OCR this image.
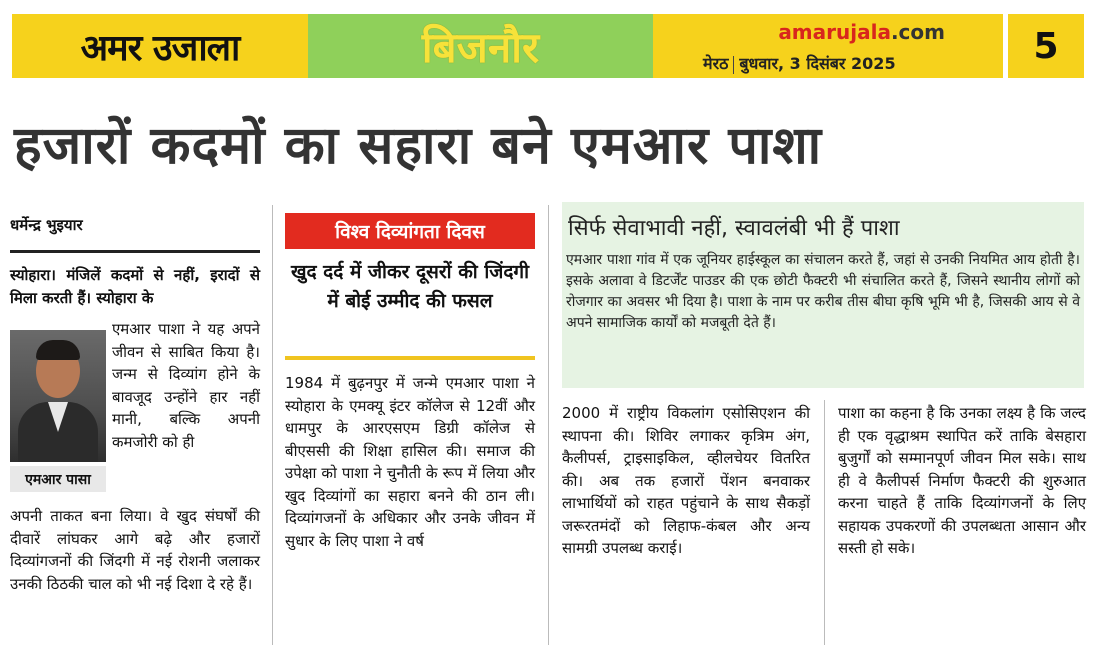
अमर उजाला	बिजनौर	amarujala.com
मेरठ बुधवार, 3 दिसंबर 2025	5
हजारों कदमों का सहारा बने एमआर पाशा
धर्मेन्द्र भुइयार
स्योहारा। मंजिलें कदमों से नहीं, इरादों से मिला करती हैं। स्योहारा के
एमआर पाशा ने यह अपने जीवन से साबित किया है। जन्म से दिव्यांग होने के बावजूद उन्होंने हार नहीं मानी, बल्कि अपनी कमजोरी को ही
एमआर पासा
अपनी ताकत बना लिया। वे खुद संघर्षों की दीवारें लांघकर आगे बढ़े और हजारों दिव्यांगजनों की जिंदगी में नई रोशनी जलाकर उनकी ठिठकी चाल को भी नई दिशा दे रहे हैं।
विश्व दिव्यांगता दिवस
खुद दर्द में जीकर दूसरों की जिंदगी में बोई उम्मीद की फसल
1984 में बुढ़नपुर में जन्मे एमआर पाशा ने स्योहारा के एमक्यू इंटर कॉलेज से 12वीं और धामपुर के आरएसएम डिग्री कॉलेज से बीएससी की शिक्षा हासिल की। समाज की उपेक्षा को पाशा ने चुनौती के रूप में लिया और खुद दिव्यांगों का सहारा बनने की ठान ली। दिव्यांगजनों के अधिकार और उनके जीवन में सुधार के लिए पाशा ने वर्ष
सिर्फ सेवाभावी नहीं, स्वावलंबी भी हैं पाशा
एमआर पाशा गांव में एक जूनियर हाईस्कूल का संचालन करते हैं, जहां से उनकी नियमित आय होती है। इसके अलावा वे डिटर्जेंट पाउडर की एक छोटी फैक्टरी भी संचालित करते हैं, जिसने स्थानीय लोगों को रोजगार का अवसर भी दिया है। पाशा के नाम पर करीब तीस बीघा कृषि भूमि भी है, जिसकी आय से वे अपने सामाजिक कार्यों को मजबूती देते हैं।
2000 में राष्ट्रीय विकलांग एसोसिएशन की स्थापना की। शिविर लगाकर कृत्रिम अंग, कैलीपर्स, ट्राइसाइकिल, व्हीलचेयर वितरित की। अब तक हजारों पेंशन बनवाकर लाभार्थियों को राहत पहुंचाने के साथ सैकड़ों जरूरतमंदों को लिहाफ-कंबल और अन्य सामग्री उपलब्ध कराई।
पाशा का कहना है कि उनका लक्ष्य है कि जल्द ही एक वृद्धाश्रम स्थापित करें ताकि बेसहारा बुजुर्गों को सम्मानपूर्ण जीवन मिल सके। साथ ही वे कैलीपर्स निर्माण फैक्टरी की शुरुआत करना चाहते हैं ताकि दिव्यांगजनों के लिए सहायक उपकरणों की उपलब्धता आसान और सस्ती हो सके।
